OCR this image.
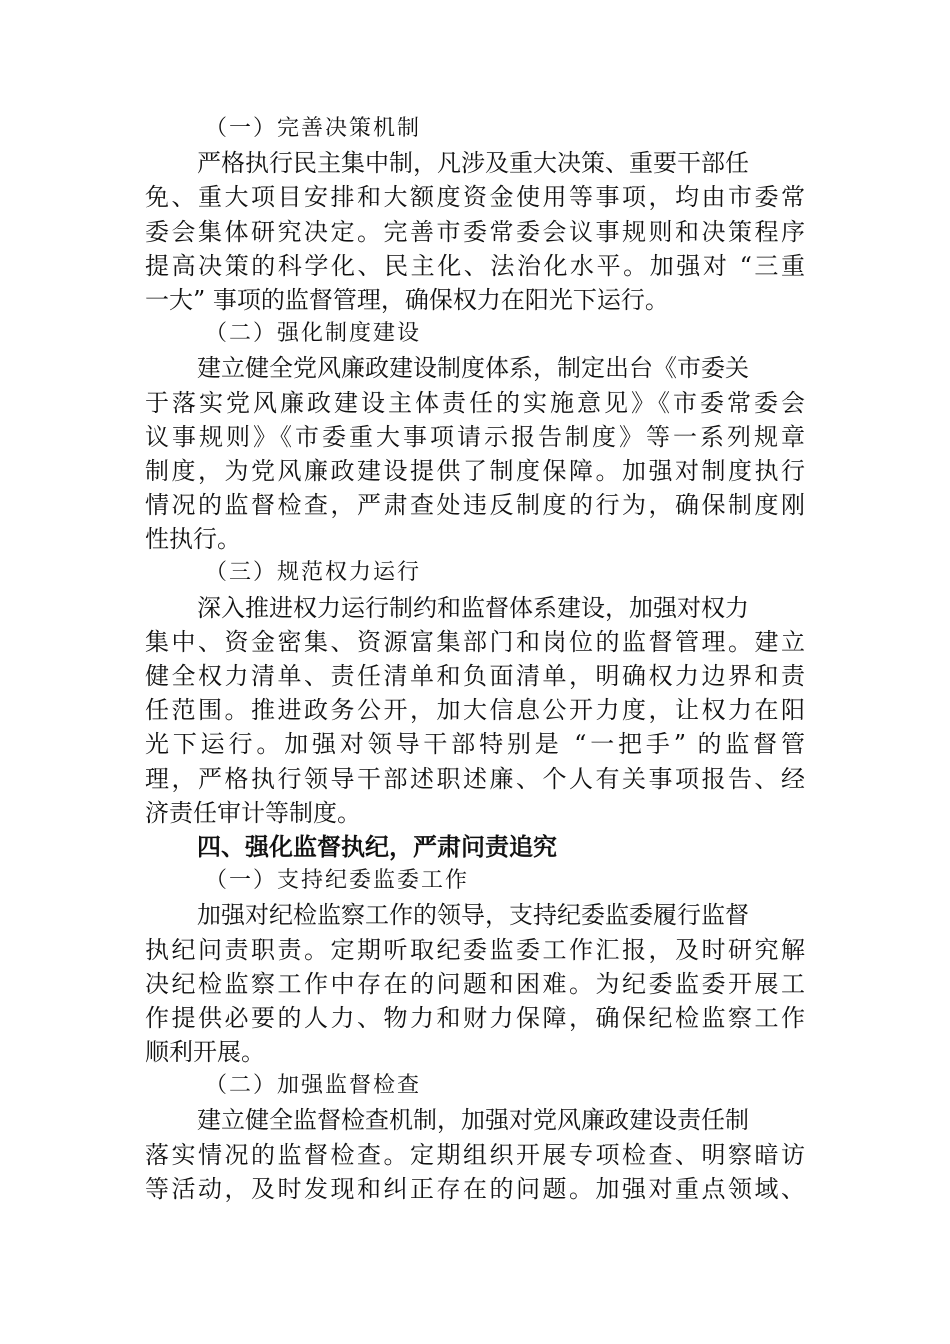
（一）完善决策机制
严格执行民主集中制，凡涉及重大决策、重要干部任
免、重大项目安排和大额度资金使用等事项，均由市委常
委会集体研究决定。完善市委常委会议事规则和决策程序
提高决策的科学化、民主化、法治化水平。加强对 “三重
一大” 事项的监督管理，确保权力在阳光下运行。
（二）强化制度建设
建立健全党风廉政建设制度体系，制定出台《市委关
于落实党风廉政建设主体责任的实施意见》《市委常委会
议事规则》《市委重大事项请示报告制度》等一系列规章
制度，为党风廉政建设提供了制度保障。加强对制度执行
情况的监督检查，严肃查处违反制度的行为，确保制度刚
性执行。
（三）规范权力运行
深入推进权力运行制约和监督体系建设，加强对权力
集中、资金密集、资源富集部门和岗位的监督管理。建立
健全权力清单、责任清单和负面清单，明确权力边界和责
任范围。推进政务公开，加大信息公开力度，让权力在阳
光下运行。加强对领导干部特别是 “一把手” 的监督管
理，严格执行领导干部述职述廉、个人有关事项报告、经
济责任审计等制度。
四、强化监督执纪，严肃问责追究
（一）支持纪委监委工作
加强对纪检监察工作的领导，支持纪委监委履行监督
执纪问责职责。定期听取纪委监委工作汇报，及时研究解
决纪检监察工作中存在的问题和困难。为纪委监委开展工
作提供必要的人力、物力和财力保障，确保纪检监察工作
顺利开展。
（二）加强监督检查
建立健全监督检查机制，加强对党风廉政建设责任制
落实情况的监督检查。定期组织开展专项检查、明察暗访
等活动，及时发现和纠正存在的问题。加强对重点领域、
